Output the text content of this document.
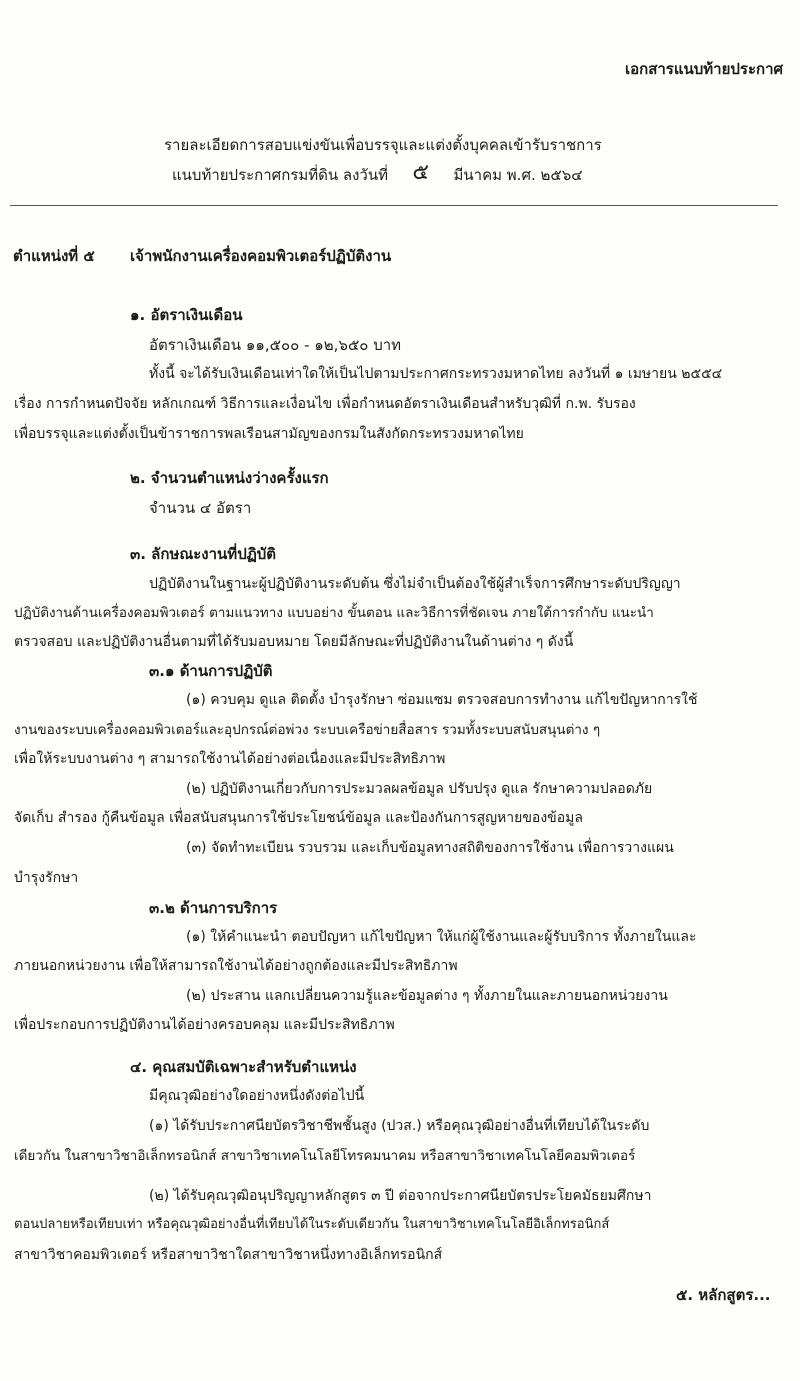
เอกสารแนบท้ายประกาศ

รายละเอียดการสอบแข่งขันเพื่อบรรจุและแต่งตั้งบุคคลเข้ารับราชการ

แนบท้ายประกาศกรมที่ดิน ลงวันที่ ๕ มีนาคม พ.ศ. ๒๕๖๔

ตำแหน่งที่ ๕ เจ้าพนักงานเครื่องคอมพิวเตอร์ปฏิบัติงาน

๑. อัตราเงินเดือน

อัตราเงินเดือน ๑๑,๕๐๐ - ๑๒,๖๕๐ บาท

ทั้งนี้ จะได้รับเงินเดือนเท่าใดให้เป็นไปตามประกาศกระทรวงมหาดไทย ลงวันที่ ๑ เมษายน ๒๕๕๔

เรื่อง การกำหนดปัจจัย หลักเกณฑ์ วิธีการและเงื่อนไข เพื่อกำหนดอัตราเงินเดือนสำหรับวุฒิที่ ก.พ. รับรอง

เพื่อบรรจุและแต่งตั้งเป็นข้าราชการพลเรือนสามัญของกรมในสังกัดกระทรวงมหาดไทย

๒. จำนวนตำแหน่งว่างครั้งแรก

จำนวน ๔ อัตรา

๓. ลักษณะงานที่ปฏิบัติ

ปฏิบัติงานในฐานะผู้ปฏิบัติงานระดับต้น ซึ่งไม่จำเป็นต้องใช้ผู้สำเร็จการศึกษาระดับปริญญา

ปฏิบัติงานด้านเครื่องคอมพิวเตอร์ ตามแนวทาง แบบอย่าง ขั้นตอน และวิธีการที่ชัดเจน ภายใต้การกำกับ แนะนำ

ตรวจสอบ และปฏิบัติงานอื่นตามที่ได้รับมอบหมาย โดยมีลักษณะที่ปฏิบัติงานในด้านต่าง ๆ ดังนี้

๓.๑ ด้านการปฏิบัติ

(๑) ควบคุม ดูแล ติดตั้ง บำรุงรักษา ซ่อมแซม ตรวจสอบการทำงาน แก้ไขปัญหาการใช้

งานของระบบเครื่องคอมพิวเตอร์และอุปกรณ์ต่อพ่วง ระบบเครือข่ายสื่อสาร รวมทั้งระบบสนับสนุนต่าง ๆ

เพื่อให้ระบบงานต่าง ๆ สามารถใช้งานได้อย่างต่อเนื่องและมีประสิทธิภาพ

(๒) ปฏิบัติงานเกี่ยวกับการประมวลผลข้อมูล ปรับปรุง ดูแล รักษาความปลอดภัย

จัดเก็บ สำรอง กู้คืนข้อมูล เพื่อสนับสนุนการใช้ประโยชน์ข้อมูล และป้องกันการสูญหายของข้อมูล

(๓) จัดทำทะเบียน รวบรวม และเก็บข้อมูลทางสถิติของการใช้งาน เพื่อการวางแผน

บำรุงรักษา

๓.๒ ด้านการบริการ

(๑) ให้คำแนะนำ ตอบปัญหา แก้ไขปัญหา ให้แก่ผู้ใช้งานและผู้รับบริการ ทั้งภายในและ

ภายนอกหน่วยงาน เพื่อให้สามารถใช้งานได้อย่างถูกต้องและมีประสิทธิภาพ

(๒) ประสาน แลกเปลี่ยนความรู้และข้อมูลต่าง ๆ ทั้งภายในและภายนอกหน่วยงาน

เพื่อประกอบการปฏิบัติงานได้อย่างครอบคลุม และมีประสิทธิภาพ

๔. คุณสมบัติเฉพาะสำหรับตำแหน่ง

มีคุณวุฒิอย่างใดอย่างหนึ่งดังต่อไปนี้

(๑) ได้รับประกาศนียบัตรวิชาชีพชั้นสูง (ปวส.) หรือคุณวุฒิอย่างอื่นที่เทียบได้ในระดับ

เดียวกัน ในสาขาวิชาอิเล็กทรอนิกส์ สาขาวิชาเทคโนโลยีโทรคมนาคม หรือสาขาวิชาเทคโนโลยีคอมพิวเตอร์

(๒) ได้รับคุณวุฒิอนุปริญญาหลักสูตร ๓ ปี ต่อจากประกาศนียบัตรประโยคมัธยมศึกษา

ตอนปลายหรือเทียบเท่า หรือคุณวุฒิอย่างอื่นที่เทียบได้ในระดับเดียวกัน ในสาขาวิชาเทคโนโลยีอิเล็กทรอนิกส์

สาขาวิชาคอมพิวเตอร์ หรือสาขาวิชาใดสาขาวิชาหนึ่งทางอิเล็กทรอนิกส์

๕. หลักสูตร...
